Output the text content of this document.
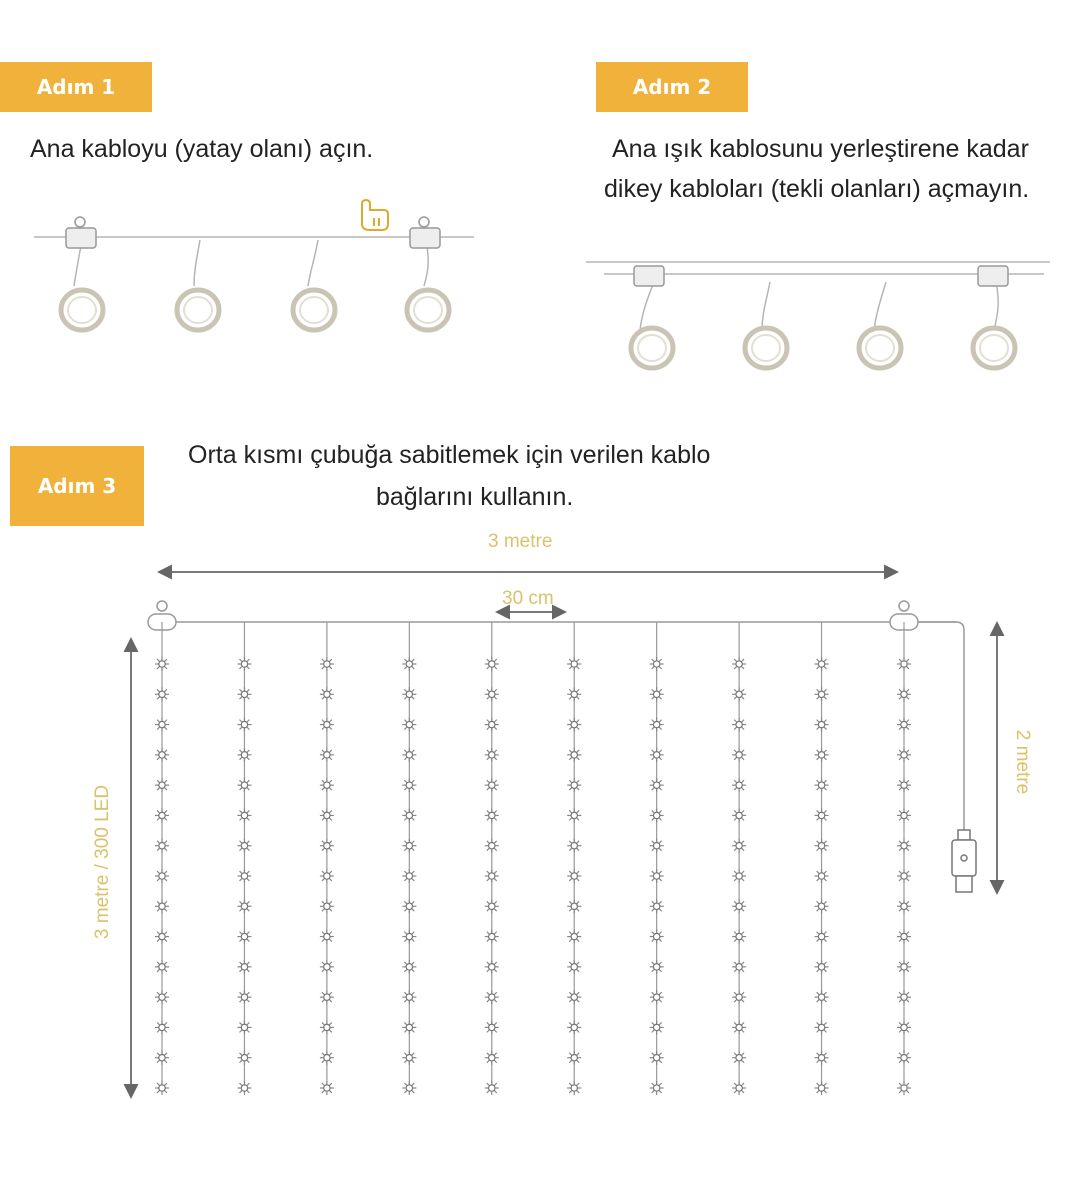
Adım 1	Adım 2
Adım 3
Ana kabloyu (yatay olanı) açın.	Ana ışık kablosunu yerleştirene kadar
dikey kabloları (tekli olanları) açmayın.
Orta kısmı çubuğa sabitlemek için verilen kablo
bağlarını kullanın.
3 metre
30 cm
3 metre / 300 LED
2 metre
